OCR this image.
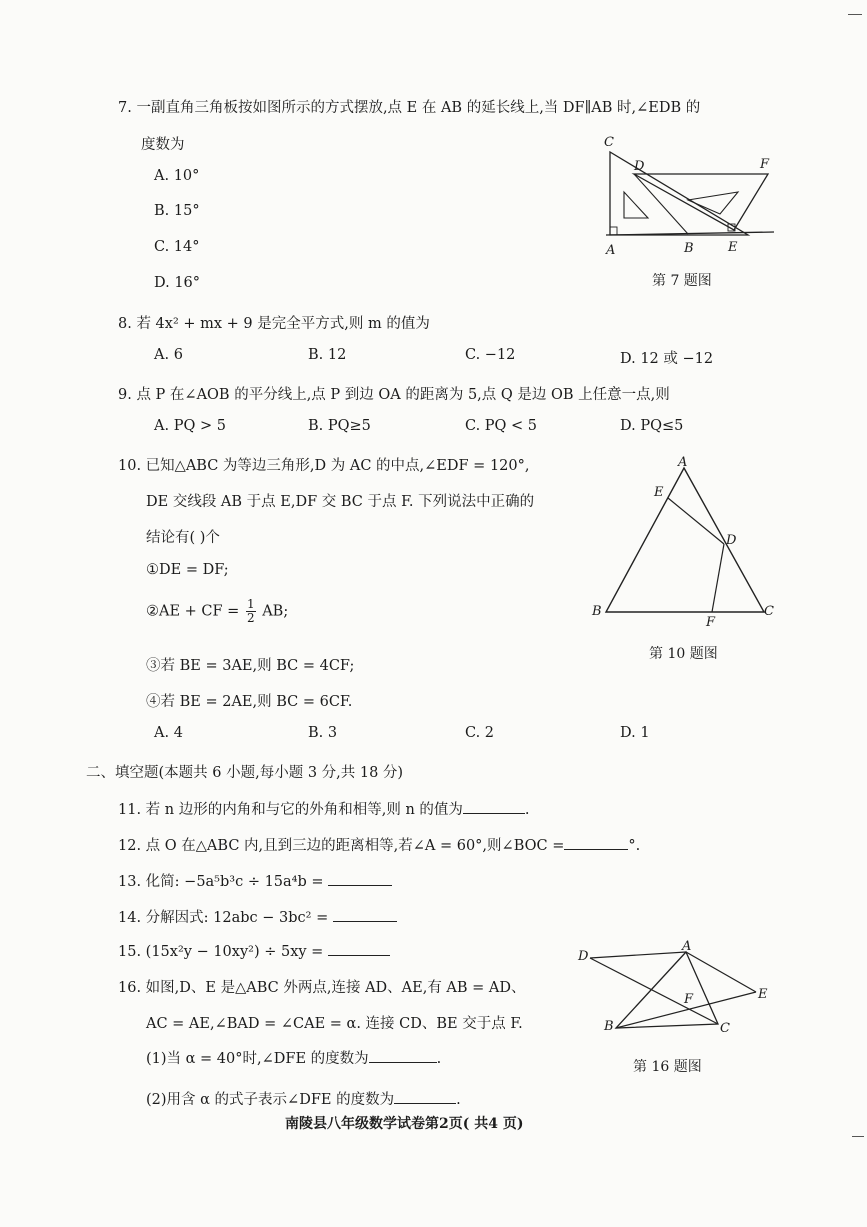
7. 一副直角三角板按如图所示的方式摆放,点 E 在 AB 的延长线上,当 DF∥AB 时,∠EDB 的
度数为
A. 10°
B. 15°
C. 14°
D. 16°
C
D	F
A	B	E
第 7 题图
8. 若 4x² + mx + 9 是完全平方式,则 m 的值为
A. 6	B. 12	C. −12	D. 12 或 −12
9. 点 P 在∠AOB 的平分线上,点 P 到边 OA 的距离为 5,点 Q 是边 OB 上任意一点,则
A. PQ > 5	B. PQ≥5	C. PQ < 5	D. PQ≤5
10. 已知△ABC 为等边三角形,D 为 AC 的中点,∠EDF = 120°,
DE 交线段 AB 于点 E,DF 交 BC 于点 F. 下列说法中正确的
结论有( )个
①DE = DF;
②AE + CF = $\frac{1}{2}$ AB;
③若 BE = 3AE,则 BC = 4CF;
④若 BE = 2AE,则 BC = 6CF.
A. 4	B. 3	C. 2	D. 1
A
E
D
B
F
C
第 10 题图
二、填空题(本题共 6 小题,每小题 3 分,共 18 分)
11. 若 n 边形的内角和与它的外角和相等,则 n 的值为	.
12. 点 O 在△ABC 内,且到三边的距离相等,若∠A = 60°,则∠BOC =	°.
13. 化简: −5a⁵b³c ÷ 15a⁴b =
14. 分解因式: 12abc − 3bc² =
15. (15x²y − 10xy²) ÷ 5xy =
16. 如图,D、E 是△ABC 外两点,连接 AD、AE,有 AB = AD、
AC = AE,∠BAD = ∠CAE = α. 连接 CD、BE 交于点 F.
(1)当 α = 40°时,∠DFE 的度数为	.
(2)用含 α 的式子表示∠DFE 的度数为	.
D
A
E
F
B	C
第 16 题图
南陵县八年级数学试卷第2页( 共4 页)
